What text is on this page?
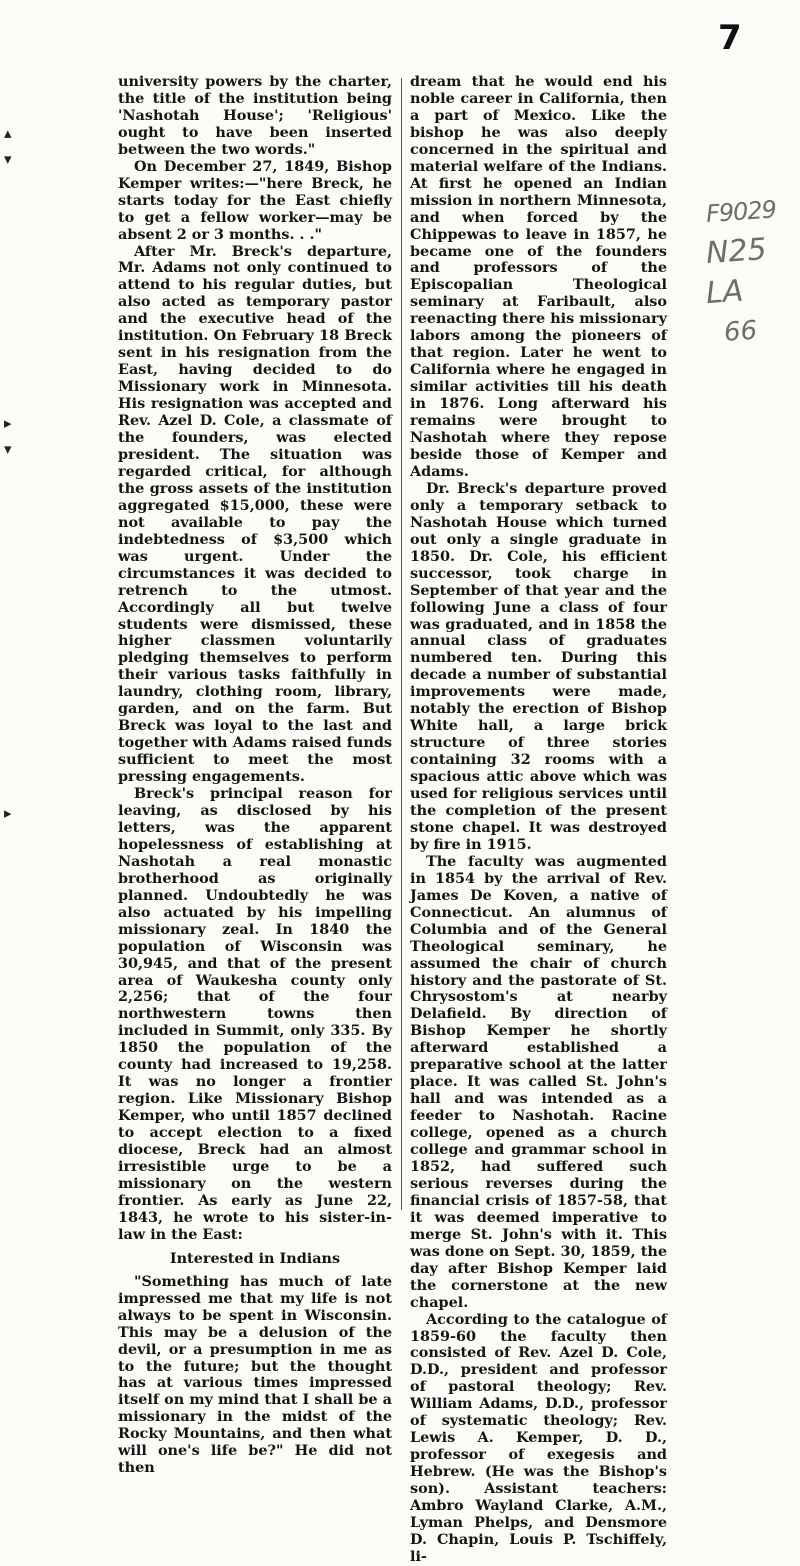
7

university powers by the charter, the title of the institution being 'Nashotah House'; 'Religious' ought to have been inserted between the two words."

On December 27, 1849, Bishop Kemper writes:—"here Breck, he starts today for the East chiefly to get a fellow worker—may be absent 2 or 3 months. . ."

After Mr. Breck's departure, Mr. Adams not only continued to attend to his regular duties, but also acted as temporary pastor and the executive head of the institution. On February 18 Breck sent in his resignation from the East, having decided to do Missionary work in Minnesota. His resignation was accepted and Rev. Azel D. Cole, a classmate of the founders, was elected president. The situation was regarded critical, for although the gross assets of the institution aggregated $15,000, these were not available to pay the indebtedness of $3,500 which was urgent. Under the circumstances it was decided to retrench to the utmost. Accordingly all but twelve students were dismissed, these higher classmen voluntarily pledging themselves to perform their various tasks faithfully in laundry, clothing room, library, garden, and on the farm. But Breck was loyal to the last and together with Adams raised funds sufficient to meet the most pressing engagements.

Breck's principal reason for leaving, as disclosed by his letters, was the apparent hopelessness of establishing at Nashotah a real monastic brotherhood as originally planned. Undoubtedly he was also actuated by his impelling missionary zeal. In 1840 the population of Wisconsin was 30,945, and that of the present area of Waukesha county only 2,256; that of the four northwestern towns then included in Summit, only 335. By 1850 the population of the county had increased to 19,258. It was no longer a frontier region. Like Missionary Bishop Kemper, who until 1857 declined to accept election to a fixed diocese, Breck had an almost irresistible urge to be a missionary on the western frontier. As early as June 22, 1843, he wrote to his sister-in-law in the East:

Interested in Indians

"Something has much of late impressed me that my life is not always to be spent in Wisconsin. This may be a delusion of the devil, or a presumption in me as to the future; but the thought has at various times impressed itself on my mind that I shall be a missionary in the midst of the Rocky Mountains, and then what will one's life be?" He did not then

dream that he would end his noble career in California, then a part of Mexico. Like the bishop he was also deeply concerned in the spiritual and material welfare of the Indians. At first he opened an Indian mission in northern Minnesota, and when forced by the Chippewas to leave in 1857, he became one of the founders and professors of the Episcopalian Theological seminary at Faribault, also reenacting there his missionary labors among the pioneers of that region. Later he went to California where he engaged in similar activities till his death in 1876. Long afterward his remains were brought to Nashotah where they repose beside those of Kemper and Adams.

Dr. Breck's departure proved only a temporary setback to Nashotah House which turned out only a single graduate in 1850. Dr. Cole, his efficient successor, took charge in September of that year and the following June a class of four was graduated, and in 1858 the annual class of graduates numbered ten. During this decade a number of substantial improvements were made, notably the erection of Bishop White hall, a large brick structure of three stories containing 32 rooms with a spacious attic above which was used for religious services until the completion of the present stone chapel. It was destroyed by fire in 1915.

The faculty was augmented in 1854 by the arrival of Rev. James De Koven, a native of Connecticut. An alumnus of Columbia and of the General Theological seminary, he assumed the chair of church history and the pastorate of St. Chrysostom's at nearby Delafield. By direction of Bishop Kemper he shortly afterward established a preparative school at the latter place. It was called St. John's hall and was intended as a feeder to Nashotah. Racine college, opened as a church college and grammar school in 1852, had suffered such serious reverses during the financial crisis of 1857-58, that it was deemed imperative to merge St. John's with it. This was done on Sept. 30, 1859, the day after Bishop Kemper laid the cornerstone at the new chapel.

According to the catalogue of 1859-60 the faculty then consisted of Rev. Azel D. Cole, D.D., president and professor of pastoral theology; Rev. William Adams, D.D., professor of systematic theology; Rev. Lewis A. Kemper, D. D., professor of exegesis and Hebrew. (He was the Bishop's son). Assistant teachers: Ambro Wayland Clarke, A.M., Lyman Phelps, and Densmore D. Chapin, Louis P. Tschiffely, li-

F9029
N25
LA
66
▴
▾
▸
▾
▸
